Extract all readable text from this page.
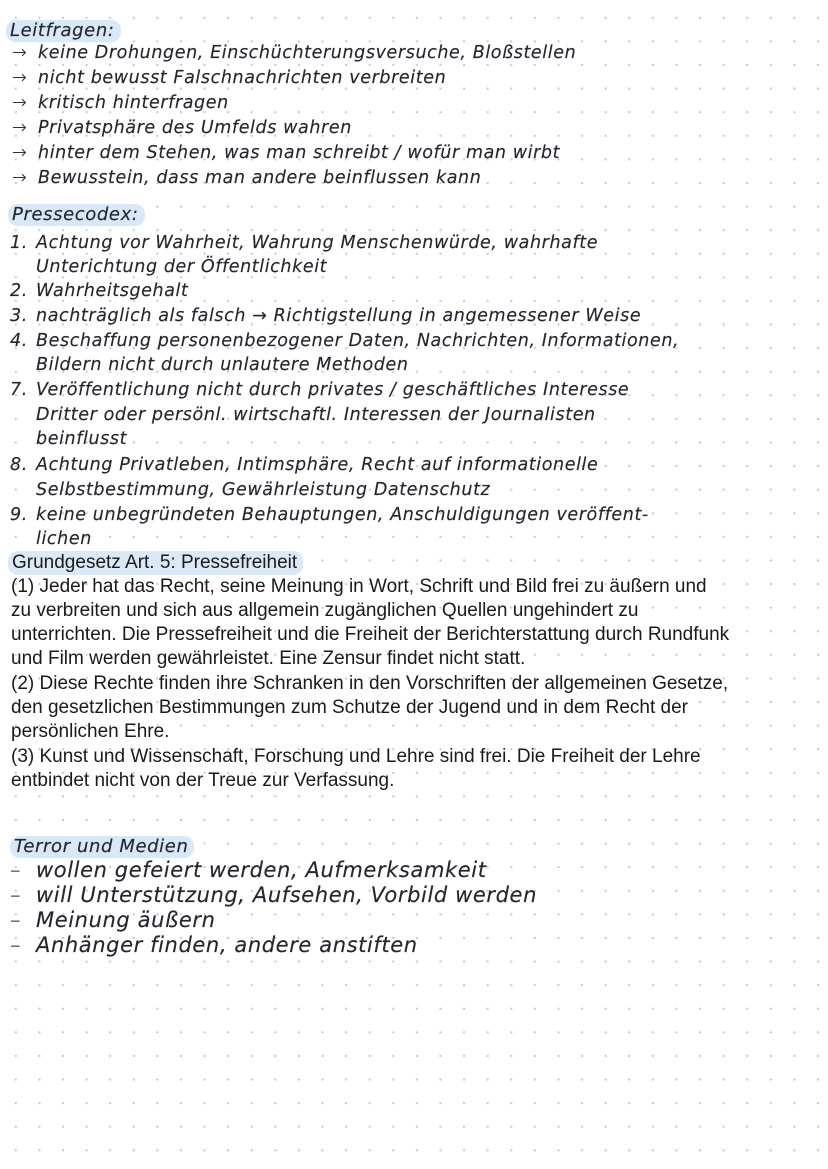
Leitfragen:
→ keine Drohungen, Einschüchterungsversuche, Bloßstellen
→ nicht bewusst Falschnachrichten verbreiten
→ kritisch hinterfragen
→ Privatsphäre des Umfelds wahren
→ hinter dem Stehen, was man schreibt / wofür man wirbt
→ Bewusstein, dass man andere beinflussen kann
Pressecodex:
1. Achtung vor Wahrheit, Wahrung Menschenwürde, wahrhafte
Unterichtung der Öffentlichkeit
2. Wahrheitsgehalt
3. nachträglich als falsch → Richtigstellung in angemessener Weise
4. Beschaffung personenbezogener Daten, Nachrichten, Informationen,
Bildern nicht durch unlautere Methoden
7. Veröffentlichung nicht durch privates / geschäftliches Interesse
Dritter oder persönl. wirtschaftl. Interessen der Journalisten
beinflusst
8. Achtung Privatleben, Intimsphäre, Recht auf informationelle
Selbstbestimmung, Gewährleistung Datenschutz
9. keine unbegründeten Behauptungen, Anschuldigungen veröffent-
lichen
Grundgesetz Art. 5: Pressefreiheit
(1) Jeder hat das Recht, seine Meinung in Wort, Schrift und Bild frei zu äußern und
zu verbreiten und sich aus allgemein zugänglichen Quellen ungehindert zu
unterrichten. Die Pressefreiheit und die Freiheit der Berichterstattung durch Rundfunk
und Film werden gewährleistet. Eine Zensur findet nicht statt.
(2) Diese Rechte finden ihre Schranken in den Vorschriften der allgemeinen Gesetze,
den gesetzlichen Bestimmungen zum Schutze der Jugend und in dem Recht der
persönlichen Ehre.
(3) Kunst und Wissenschaft, Forschung und Lehre sind frei. Die Freiheit der Lehre
entbindet nicht von der Treue zur Verfassung.
Terror und Medien
– wollen gefeiert werden, Aufmerksamkeit
– will Unterstützung, Aufsehen, Vorbild werden
– Meinung äußern
– Anhänger finden, andere anstiften
